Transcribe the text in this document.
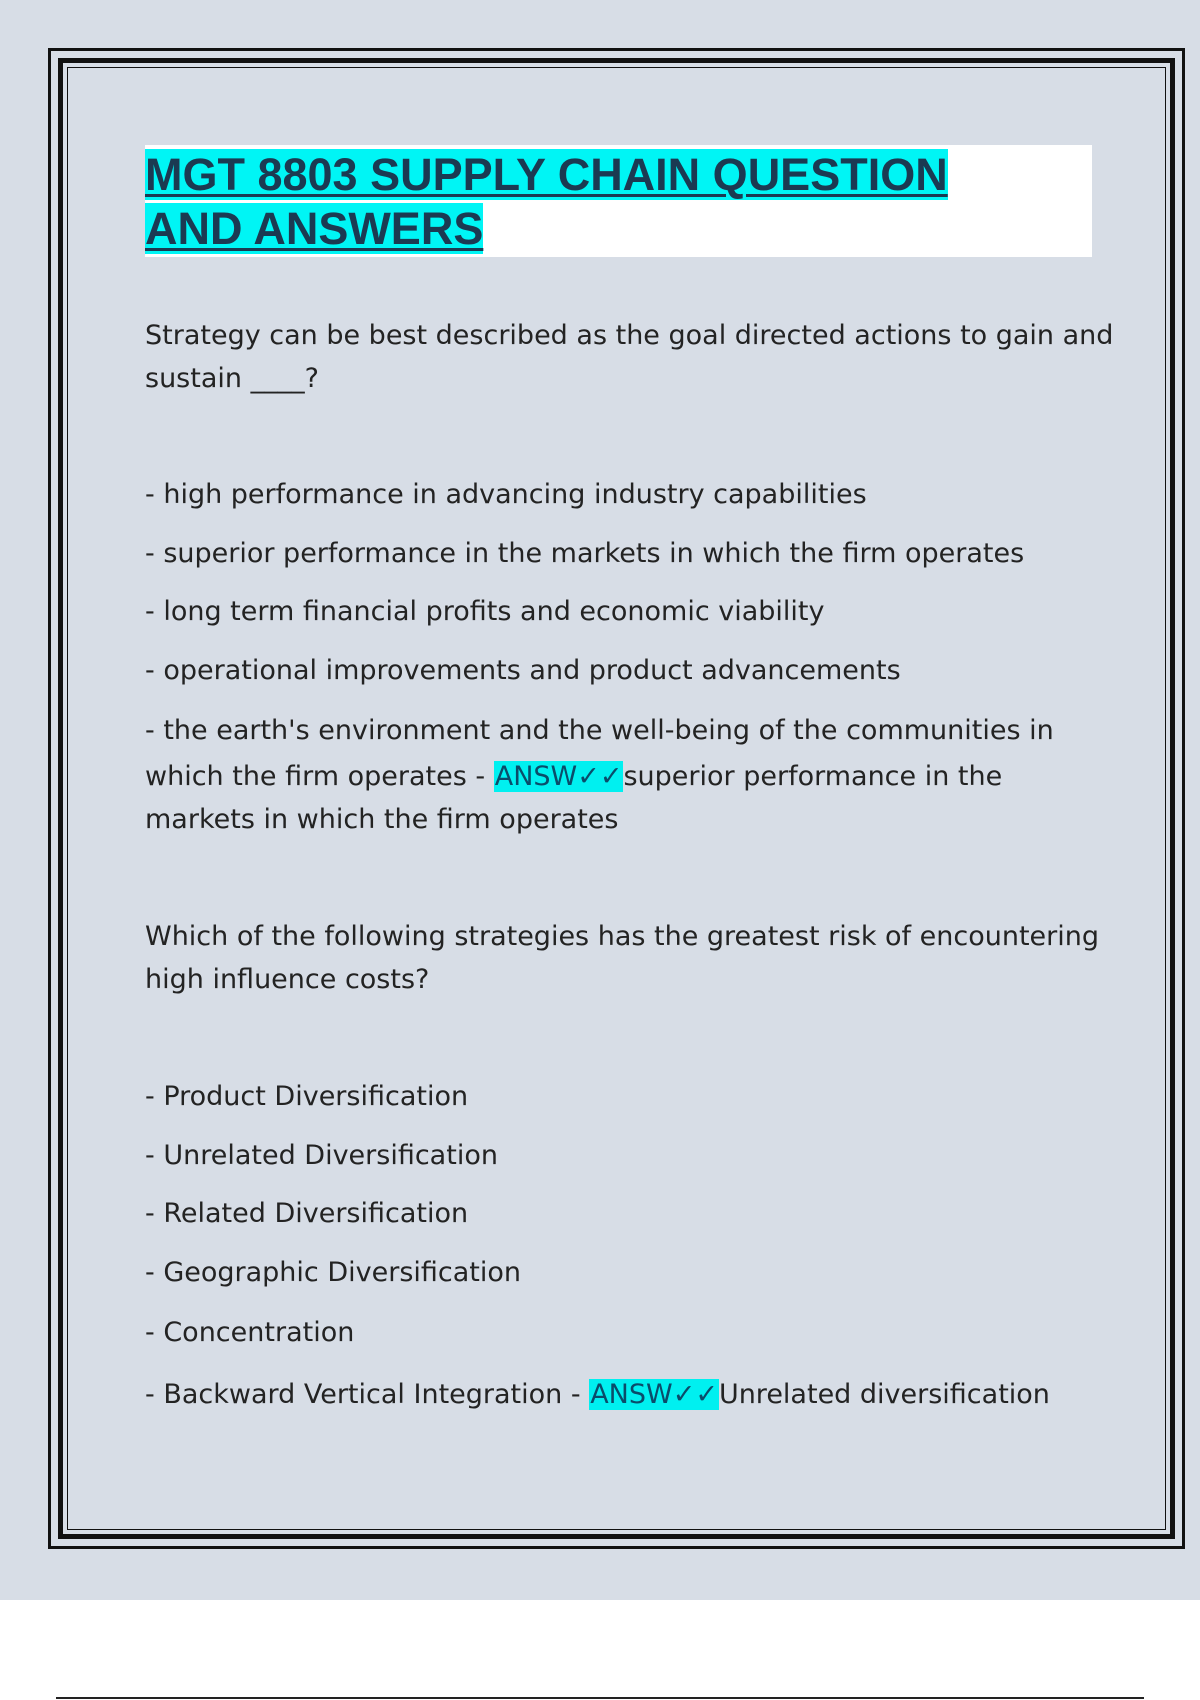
MGT 8803 SUPPLY CHAIN QUESTION
AND ANSWERS

Strategy can be best described as the goal directed actions to gain and

sustain ____?

- high performance in advancing industry capabilities

- superior performance in the markets in which the firm operates

- long term financial profits and economic viability

- operational improvements and product advancements

- the earth's environment and the well-being of the communities in

which the firm operates - ANSW✓✓superior performance in the

markets in which the firm operates

Which of the following strategies has the greatest risk of encountering

high influence costs?

- Product Diversification

- Unrelated Diversification

- Related Diversification

- Geographic Diversification

- Concentration

- Backward Vertical Integration - ANSW✓✓Unrelated diversification
